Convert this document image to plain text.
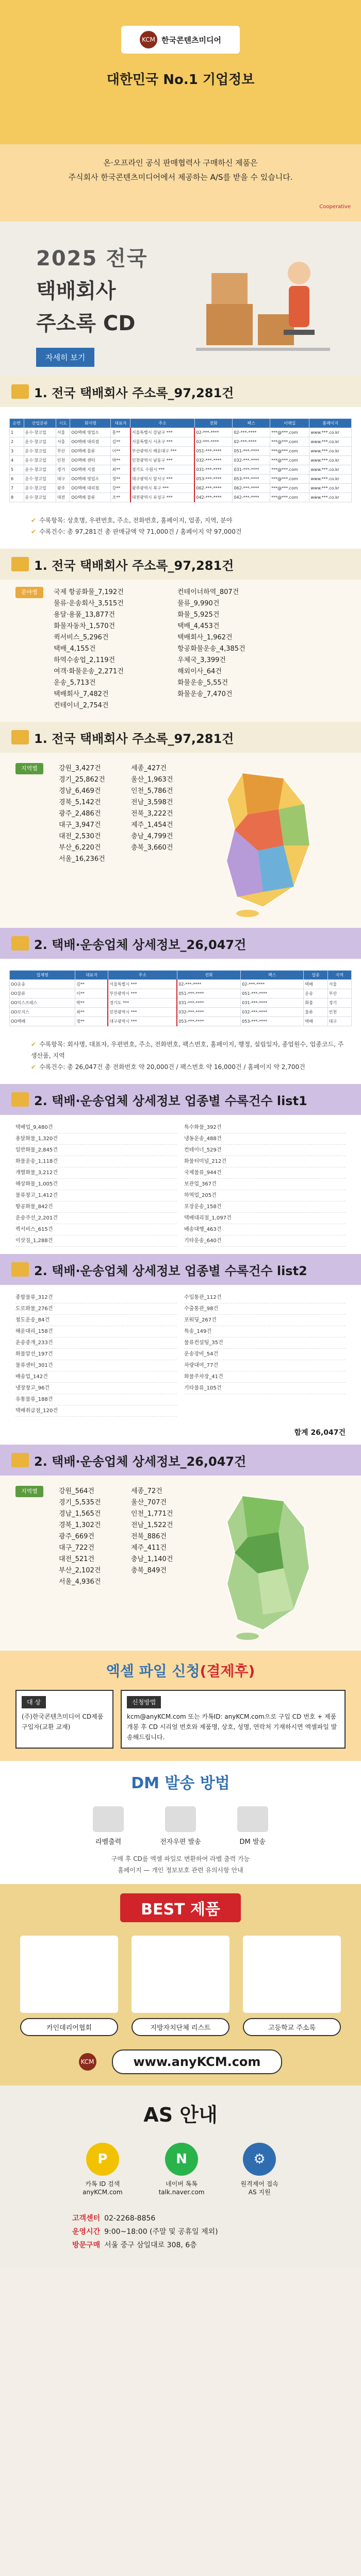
KCM 한국콘텐츠미디어
대한민국 No.1 기업정보
온·오프라인 공식 판매협력사 구매하신 제품은
주식회사 한국콘텐츠미디어에서 제공하는 A/S를 받을 수 있습니다.
Cooperative
2025 전국
택배회사
주소록 CD
자세히 보기
1. 전국 택배회사 주소록_97,281건
순번	산업분류	시도	회사명	대표자	주소	전화	팩스	이메일	홈페이지
1	운수·창고업	서울	OO택배 영업소	홍**	서울특별시 강남구 ***	02-***-****	02-***-****	***@***.com	www.***.co.kr
2	운수·창고업	서울	OO택배 대리점	김**	서울특별시 서초구 ***	02-***-****	02-***-****	***@***.com	www.***.co.kr
3	운수·창고업	부산	OO택배 물류	이**	부산광역시 해운대구 ***	051-***-****	051-***-****	***@***.com	www.***.co.kr
4	운수·창고업	인천	OO택배 센터	박**	인천광역시 남동구 ***	032-***-****	032-***-****	***@***.com	www.***.co.kr
5	운수·창고업	경기	OO택배 지점	최**	경기도 수원시 ***	031-***-****	031-***-****	***@***.com	www.***.co.kr
6	운수·창고업	대구	OO택배 영업소	정**	대구광역시 달서구 ***	053-***-****	053-***-****	***@***.com	www.***.co.kr
7	운수·창고업	광주	OO택배 대리점	강**	광주광역시 북구 ***	062-***-****	062-***-****	***@***.com	www.***.co.kr
8	운수·창고업	대전	OO택배 물류	조**	대전광역시 유성구 ***	042-***-****	042-***-****	***@***.com	www.***.co.kr
✔ 수록항목: 상호명, 우편번호, 주소, 전화번호, 홈페이지, 업종, 지역, 분야
✔ 수록건수: 총 97,281건 총 판매금액 약 71,000건 / 홈페이지 약 97,000건
1. 전국 택배회사 주소록_97,281건
분야별	국제 항공화물_7,192건
물류·운송회사_3,515건
용달·용품_13,877건
화물자동차_1,570건
퀵서비스_5,296건
택배_4,155건
하역수송업_2,119건
여객·화물운송_2,271건
운송_5,713건
택배회사_7,482건
컨테이너_2,754건
컨테이너하역_807건
물류_9,990건
화물_5,925건
택배_4,453건
택배회사_1,962건
항공화물운송_4,385건
우체국_3,399건
해외이사_64건
화물운송_5,55건
화물운송_7,470건
1. 전국 택배회사 주소록_97,281건
지역별	강원_3,427건
경기_25,862건
경남_6,469건
경북_5,142건
광주_2,486건
대구_3,947건
대전_2,530건
부산_6,220건
서울_16,236건
세종_427건
울산_1,963건
인천_5,786건
전남_3,598건
전북_3,222건
제주_1,454건
충남_4,799건
충북_3,660건
2. 택배·운송업체 상세정보_26,047건
업체명	대표자	주소	전화	팩스	업종	지역
OO운송	김**	서울특별시 ***	02-***-****	02-***-****	택배	서울
OO물류	이**	부산광역시 ***	051-***-****	051-***-****	운송	부산
OO익스프레스	박**	경기도 ***	031-***-****	031-***-****	화물	경기
OO로지스	최**	인천광역시 ***	032-***-****	032-***-****	물류	인천
OO택배	정**	대구광역시 ***	053-***-****	053-***-****	택배	대구
✔ 수록항목: 회사명, 대표자, 우편번호, 주소, 전화번호, 팩스번호, 홈페이지, 행정, 설립일자, 종업원수, 업종코드, 주생산품, 지역
✔ 수록건수: 총 26,047건 총 전화번호 약 20,000건 / 팩스번호 약 16,000건 / 홈페이지 약 2,700건
2. 택배·운송업체 상세정보 업종별 수록건수 list1
택배업_9,480건
용달화물_1,320건
일반화물_2,845건
화물운송_1,118건
개별화물_3,212건
해상화물_1,005건
물류창고_1,412건
항공화물_842건
운송주선_2,201건
퀵서비스_615건
이삿짐_1,288건
특수화물_392건
냉동운송_488건
컨테이너_529건
화물터미널_212건
국제물류_944건
보관업_367건
하역업_205건
포장운송_158건
택배대리점_1,097건
배송대행_463건
기타운송_640건
2. 택배·운송업체 상세정보 업종별 수록건수 list2
종합물류_312건
도로화물_276건
철도운송_84건
해운대리_158건
운송중개_233건
화물알선_197건
물류센터_301건
배송업_142건
냉장창고_96건
유통물류_188건
택배취급점_120건
수입통관_112건
수출통관_98건
포워딩_267건
특송_149건
물류컨설팅_35건
운송장비_54건
차량대여_77건
화물주차장_41건
기타물류_105건
합계 26,047건
2. 택배·운송업체 상세정보_26,047건
지역별	강원_564건
경기_5,535건
경남_1,565건
경북_1,302건
광주_669건
대구_722건
대전_521건
부산_2,102건
서울_4,936건
세종_72건
울산_707건
인천_1,771건
전남_1,522건
전북_886건
제주_411건
충남_1,140건
충북_849건
엑셀 파일 신청(결제후)
대 상
(주)한국콘텐츠미디어 CD제품 구입자(교환 교재)
신청방법
kcm@anyKCM.com 또는 카톡ID: anyKCM.com으로 구입 CD 번호 + 제품 개봉 후 CD 시리얼 번호와 제품명, 상호, 성명, 연락처 기재하시면 엑셀파일 발송해드립니다.
DM 발송 방법
라벨출력	전자우편 발송	DM 발송
구매 후 CD를 엑셀 파일로 변환하여 라벨 출력 가능
홈페이지 — 개인 정보보호 관련 유의사항 안내
BEST 제품
카인데리어협회	지방자치단체 리스트	고등학교 주소록
KCM	www.anyKCM.com
AS 안내
P
카톡 ID 검색
anyKCM.com
N
네이버 톡톡
talk.naver.com
⚙
원격제어 접속
AS 지원
고객센터 02-2268-8856
운영시간 9:00~18:00 (주말 및 공휴일 제외)
방문구매 서울 중구 삼일대로 308, 6층
